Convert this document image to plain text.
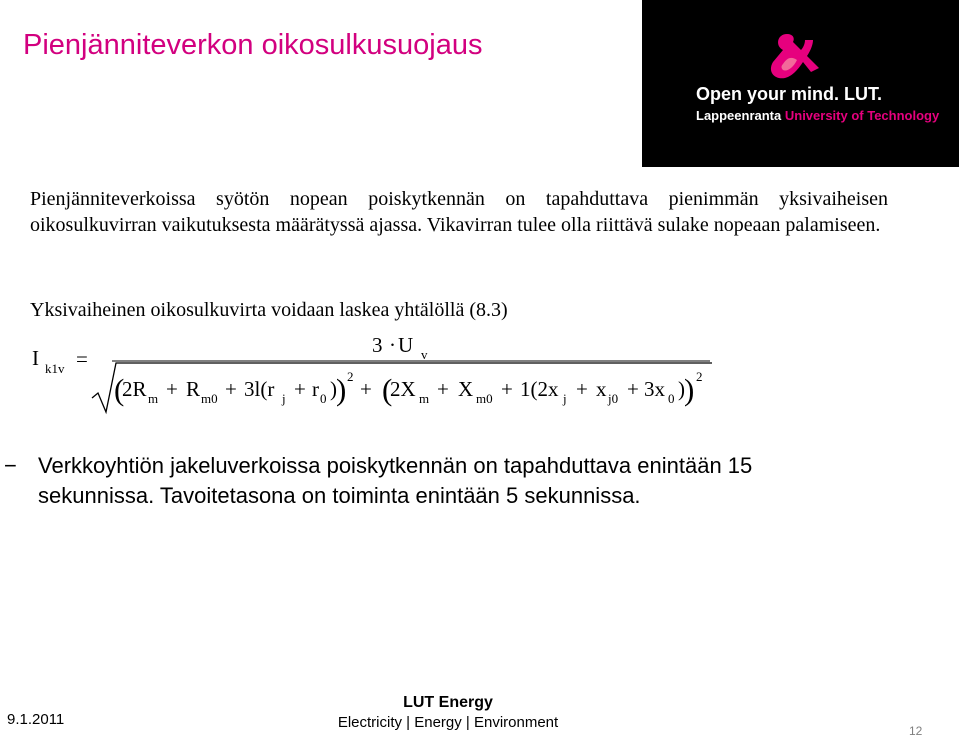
Pienjänniteverkon oikosulkusuojaus
Open your mind. LUT.
Lappeenranta University of Technology

Pienjänniteverkoissa syötön nopean poiskytkennän on tapahduttava pienimmän yksivaiheisen oikosulkuvirran vaikutuksesta määrätyssä ajassa. Vikavirran tulee olla riittävä sulake nopeaan palamiseen.

Yksivaiheinen oikosulkuvirta voidaan laskea yhtälöllä (8.3)

I k1v =
3 · U v
(
2R m + R m0 + 3l(r j + r 0 ) ) 2
+ (
2X m + X m0 + 1(2x j + x j0 + 3x 0 ) ) 2
− Verkkoyhtiön jakeluverkoissa poiskytkennän on tapahduttava enintään 15 sekunnissa. Tavoitetasona on toiminta enintään 5 sekunnissa.
9.1.2011
LUT Energy
Electricity | Energy | Environment	12
